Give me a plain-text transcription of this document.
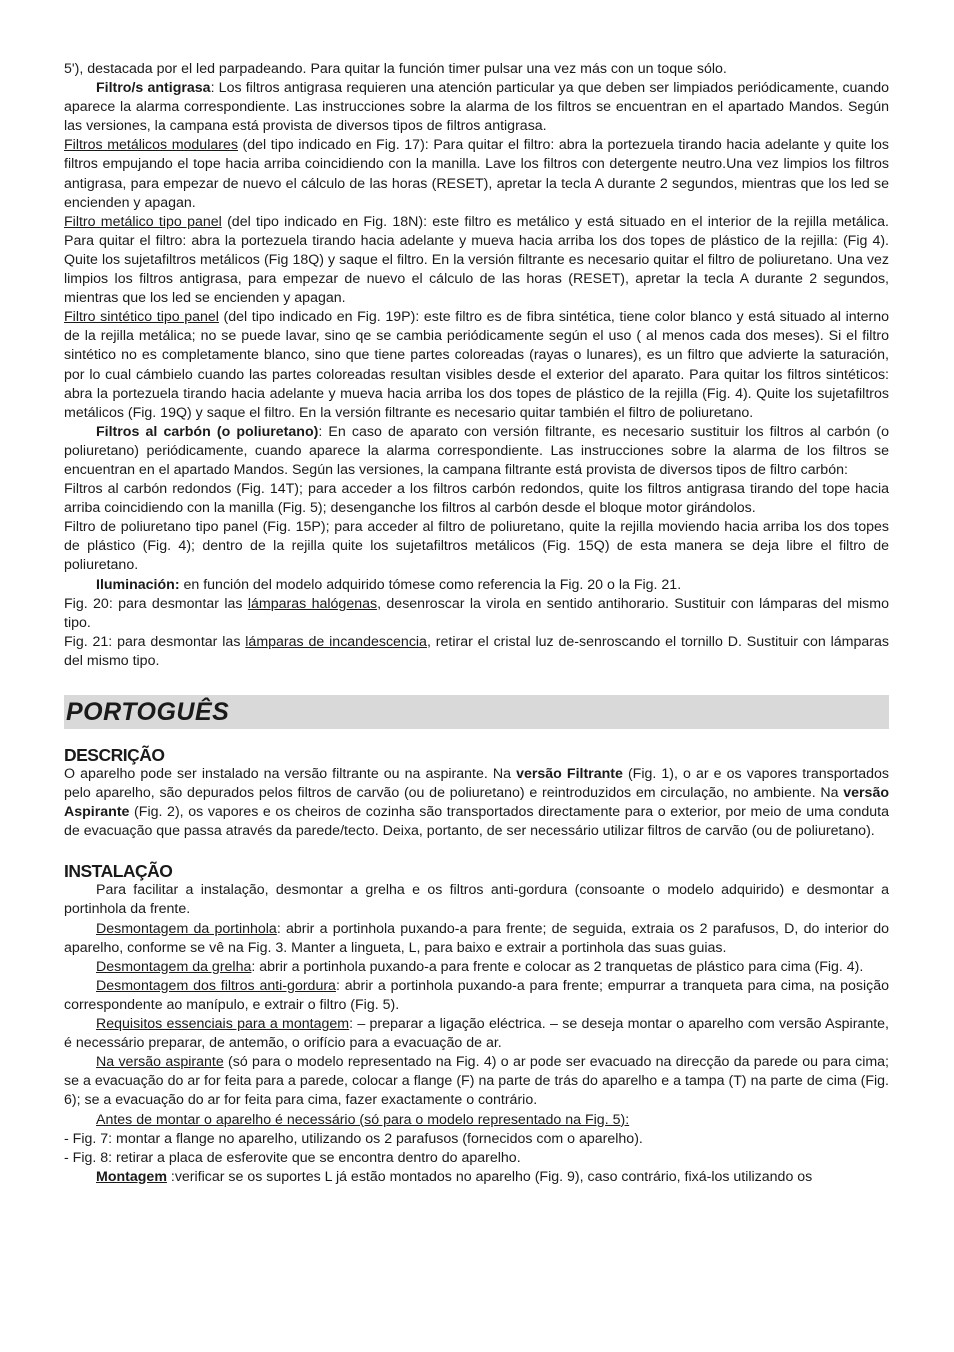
5'), destacada por el led parpadeando. Para quitar la función timer pulsar una vez más con un toque sólo.

Filtro/s antigrasa: Los filtros antigrasa requieren una atención particular ya que deben ser limpiados periódicamente, cuando aparece la alarma correspondiente. Las instrucciones sobre la alarma de los filtros se encuentran en el apartado Mandos. Según las versiones, la campana está provista de diversos tipos de filtros antigrasa.

Filtros metálicos modulares (del tipo indicado en Fig. 17): Para quitar el filtro: abra la portezuela tirando hacia adelante y quite los filtros empujando el tope hacia arriba coincidiendo con la manilla. Lave los filtros con detergente neutro.Una vez limpios los filtros antigrasa, para empezar de nuevo el cálculo de las horas (RESET), apretar la tecla A durante 2 segundos, mientras que los led se encienden y apagan.

Filtro metálico tipo panel (del tipo indicado en Fig. 18N): este filtro es metálico y está situado en el interior de la rejilla metálica. Para quitar el filtro: abra la portezuela tirando hacia adelante y mueva hacia arriba los dos topes de plástico de la rejilla: (Fig 4). Quite los sujetafiltros metálicos (Fig 18Q) y saque el filtro. En la versión filtrante es necesario quitar el filtro de poliuretano. Una vez limpios los filtros antigrasa, para empezar de nuevo el cálculo de las horas (RESET), apretar la tecla A durante 2 segundos, mientras que los led se encienden y apagan.

Filtro sintético tipo panel (del tipo indicado en Fig. 19P): este filtro es de fibra sintética, tiene color blanco y está situado al interno de la rejilla metálica; no se puede lavar, sino qe se cambia periódicamente según el uso ( al menos cada dos meses). Si el filtro sintético no es completamente blanco, sino que tiene partes coloreadas (rayas o lunares), es un filtro que advierte la saturación, por lo cual cámbielo cuando las partes coloreadas resultan visibles desde el exterior del aparato. Para quitar los filtros sintéticos: abra la portezuela tirando hacia adelante y mueva hacia arriba los dos topes de plástico de la rejilla (Fig. 4). Quite los sujetafiltros metálicos (Fig. 19Q) y saque el filtro. En la versión filtrante es necesario quitar también el filtro de poliuretano.

Filtros al carbón (o poliuretano): En caso de aparato con versión filtrante, es necesario sustituir los filtros al carbón (o poliuretano) periódicamente, cuando aparece la alarma correspondiente. Las instrucciones sobre la alarma de los filtros se encuentran en el apartado Mandos. Según las versiones, la campana filtrante está provista de diversos tipos de filtro carbón:

Filtros al carbón redondos (Fig. 14T); para acceder a los filtros carbón redondos, quite los filtros antigrasa tirando del tope hacia arriba coincidiendo con la manilla (Fig. 5); desenganche los filtros al carbón desde el bloque motor girándolos.

Filtro de poliuretano tipo panel (Fig. 15P); para acceder al filtro de poliuretano, quite la rejilla moviendo hacia arriba los dos topes de plástico (Fig. 4); dentro de la rejilla quite los sujetafiltros metálicos (Fig. 15Q) de esta manera se deja libre el filtro de poliuretano.

Iluminación: en función del modelo adquirido tómese como referencia la Fig. 20 o la Fig. 21.

Fig. 20: para desmontar las lámparas halógenas, desenroscar la virola en sentido antihorario. Sustituir con lámparas del mismo tipo.

Fig. 21: para desmontar las lámparas de incandescencia, retirar el cristal luz de-senroscando el tornillo D. Sustituir con lámparas del mismo tipo.

PORTOGUÊS
DESCRIÇÃO

O aparelho pode ser instalado na versão filtrante ou na aspirante. Na versão Filtrante (Fig. 1), o ar e os vapores transportados pelo aparelho, são depurados pelos filtros de carvão (ou de poliuretano) e reintroduzidos em circulação, no ambiente. Na versão Aspirante (Fig. 2), os vapores e os cheiros de cozinha são transportados directamente para o exterior, por meio de uma conduta de evacuação que passa através da parede/tecto. Deixa, portanto, de ser necessário utilizar filtros de carvão (ou de poliuretano).

INSTALAÇÃO

Para facilitar a instalação, desmontar a grelha e os filtros anti-gordura (consoante o modelo adquirido) e desmontar a portinhola da frente.

Desmontagem da portinhola: abrir a portinhola puxando-a para frente; de seguida, extraia os 2 parafusos, D, do interior do aparelho, conforme se vê na Fig. 3. Manter a lingueta, L, para baixo e extrair a portinhola das suas guias.

Desmontagem da grelha: abrir a portinhola puxando-a para frente e colocar as 2 tranquetas de plástico para cima (Fig. 4).

Desmontagem dos filtros anti-gordura: abrir a portinhola puxando-a para frente; empurrar a tranqueta para cima, na posição correspondente ao manípulo, e extrair o filtro (Fig. 5).

Requisitos essenciais para a montagem: – preparar a ligação eléctrica. – se deseja montar o aparelho com versão Aspirante, é necessário preparar, de antemão, o orifício para a evacuação de ar.

Na versão aspirante (só para o modelo representado na Fig. 4) o ar pode ser evacuado na direcção da parede ou para cima; se a evacuação do ar for feita para a parede, colocar a flange (F) na parte de trás do aparelho e a tampa (T) na parte de cima (Fig. 6); se a evacuação do ar for feita para cima, fazer exactamente o contrário.

Antes de montar o aparelho é necessário (só para o modelo representado na Fig. 5):

- Fig. 7: montar a flange no aparelho, utilizando os 2 parafusos (fornecidos com o aparelho).

- Fig. 8: retirar a placa de esferovite que se encontra dentro do aparelho.

Montagem :verificar se os suportes L já estão montados no aparelho (Fig. 9), caso contrário, fixá-los utilizando os
